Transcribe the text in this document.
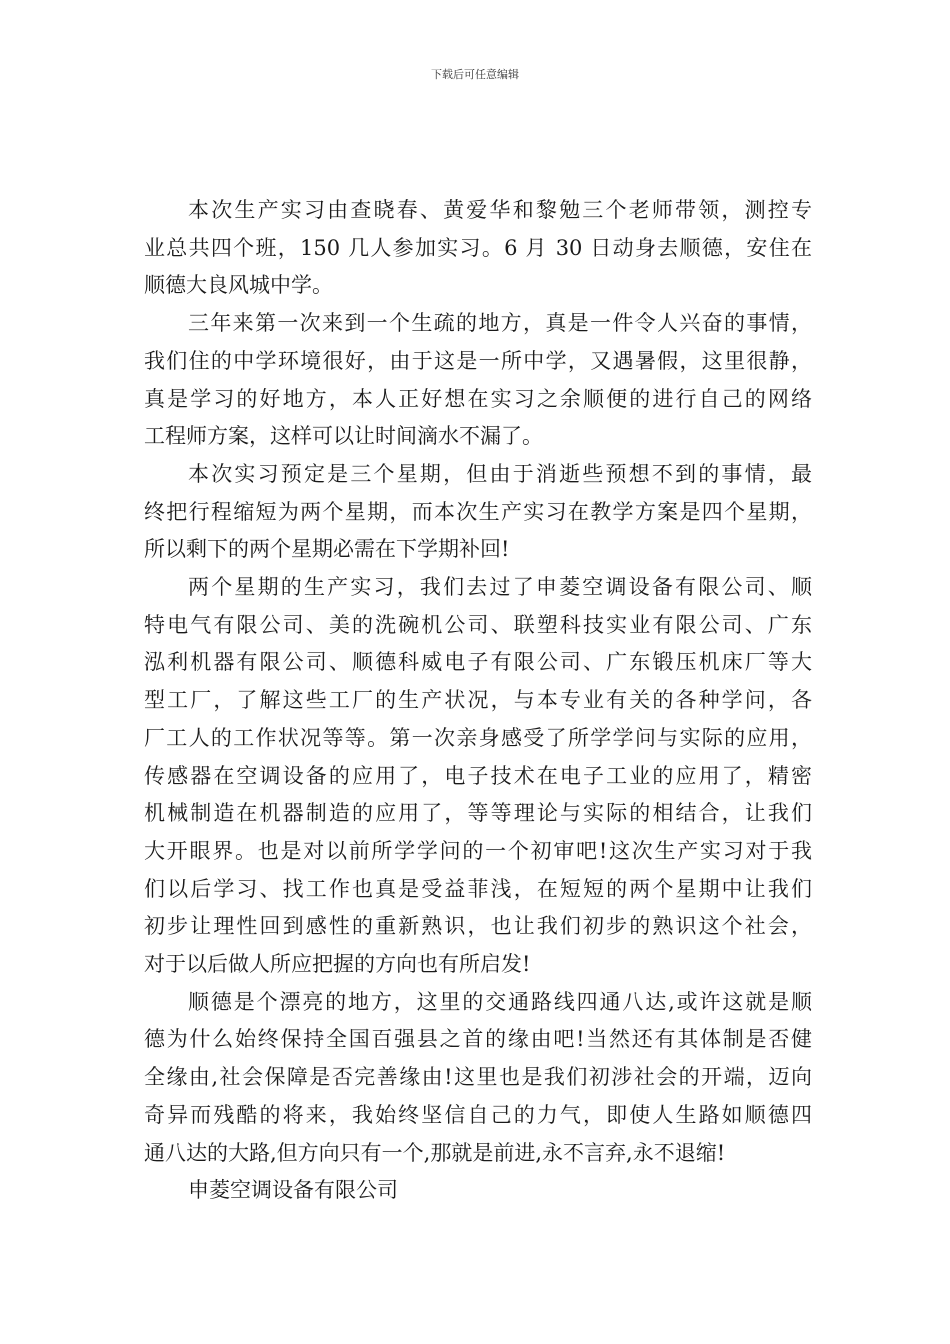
下载后可任意编辑
本次生产实习由查晓春、黄爱华和黎勉三个老师带领，测控专
业总共四个班，150 几人参加实习。6 月 30 日动身去顺德，安住在
顺德大良风城中学。
三年来第一次来到一个生疏的地方，真是一件令人兴奋的事情，
我们住的中学环境很好，由于这是一所中学，又遇暑假，这里很静，
真是学习的好地方，本人正好想在实习之余顺便的进行自己的网络
工程师方案，这样可以让时间滴水不漏了。
本次实习预定是三个星期，但由于消逝些预想不到的事情，最
终把行程缩短为两个星期，而本次生产实习在教学方案是四个星期，
所以剩下的两个星期必需在下学期补回!
两个星期的生产实习，我们去过了申菱空调设备有限公司、顺
特电气有限公司、美的洗碗机公司、联塑科技实业有限公司、广东
泓利机器有限公司、顺德科威电子有限公司、广东锻压机床厂等大
型工厂，了解这些工厂的生产状况，与本专业有关的各种学问，各
厂工人的工作状况等等。第一次亲身感受了所学学问与实际的应用，
传感器在空调设备的应用了，电子技术在电子工业的应用了，精密
机械制造在机器制造的应用了，等等理论与实际的相结合，让我们
大开眼界。也是对以前所学学问的一个初审吧!这次生产实习对于我
们以后学习、找工作也真是受益菲浅，在短短的两个星期中让我们
初步让理性回到感性的重新熟识，也让我们初步的熟识这个社会，
对于以后做人所应把握的方向也有所启发!
顺德是个漂亮的地方，这里的交通路线四通八达,或许这就是顺
德为什么始终保持全国百强县之首的缘由吧!当然还有其体制是否健
全缘由,社会保障是否完善缘由!这里也是我们初涉社会的开端，迈向
奇异而残酷的将来，我始终坚信自己的力气，即使人生路如顺德四
通八达的大路,但方向只有一个,那就是前进,永不言弃,永不退缩!
申菱空调设备有限公司
